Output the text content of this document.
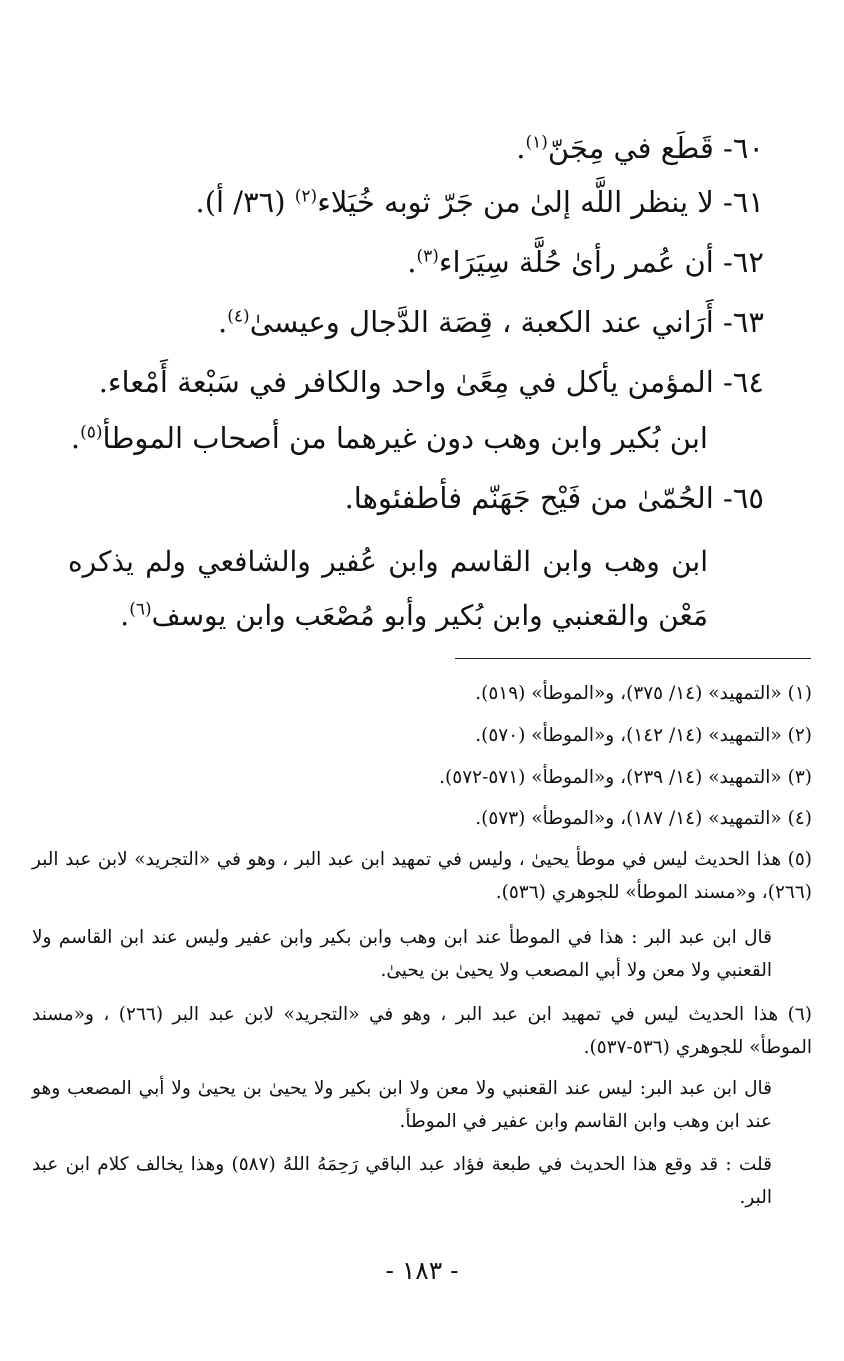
٦٠- قَطَع في مِجَنّ$^{(١)}$.
٦١- لا ينظر اللَّه إلىٰ من جَرّ ثوبه خُيَلاء$^{(٢)}$ (٣٦/ أ).
٦٢- أن عُمر رأىٰ حُلَّة سِيَرَاء$^{(٣)}$.
٦٣- أَرَاني عند الكعبة ، قِصَة الدَّجال وعيسىٰ$^{(٤)}$.
٦٤- المؤمن يأكل في مِعًىٰ واحد والكافر في سَبْعة أَمْعاء.
ابن بُكير وابن وهب دون غيرهما من أصحاب الموطأ$^{(٥)}$.
٦٥- الحُمّىٰ من فَيْح جَهَنّم فأطفئوها.
ابن وهب وابن القاسم وابن عُفير والشافعي ولم يذكره مَعْن والقعنبي وابن بُكير وأبو مُصْعَب وابن يوسف$^{(٦)}$.
(١) «التمهيد» (١٤/ ٣٧٥)، و«الموطأ» (٥١٩).
(٢) «التمهيد» (١٤/ ١٤٢)، و«الموطأ» (٥٧٠).
(٣) «التمهيد» (١٤/ ٢٣٩)، و«الموطأ» (٥٧١-٥٧٢).
(٤) «التمهيد» (١٤/ ١٨٧)، و«الموطأ» (٥٧٣).
(٥) هذا الحديث ليس في موطأ يحيىٰ ، وليس في تمهيد ابن عبد البر ، وهو في «التجريد» لابن عبد البر (٢٦٦)، و«مسند الموطأ» للجوهري (٥٣٦).
قال ابن عبد البر : هذا في الموطأ عند ابن وهب وابن بكير وابن عفير وليس عند ابن القاسم ولا القعنبي ولا معن ولا أبي المصعب ولا يحيىٰ بن يحيىٰ.
(٦) هذا الحديث ليس في تمهيد ابن عبد البر ، وهو في «التجريد» لابن عبد البر (٢٦٦) ، و«مسند الموطأ» للجوهري (٥٣٦-٥٣٧).
قال ابن عبد البر: ليس عند القعنبي ولا معن ولا ابن بكير ولا يحيىٰ بن يحيىٰ ولا أبي المصعب وهو عند ابن وهب وابن القاسم وابن عفير في الموطأ.
قلت : قد وقع هذا الحديث في طبعة فؤاد عبد الباقي رَحِمَهُ اللهُ (٥٨٧) وهذا يخالف كلام ابن عبد البر.
- ١٨٣ -
